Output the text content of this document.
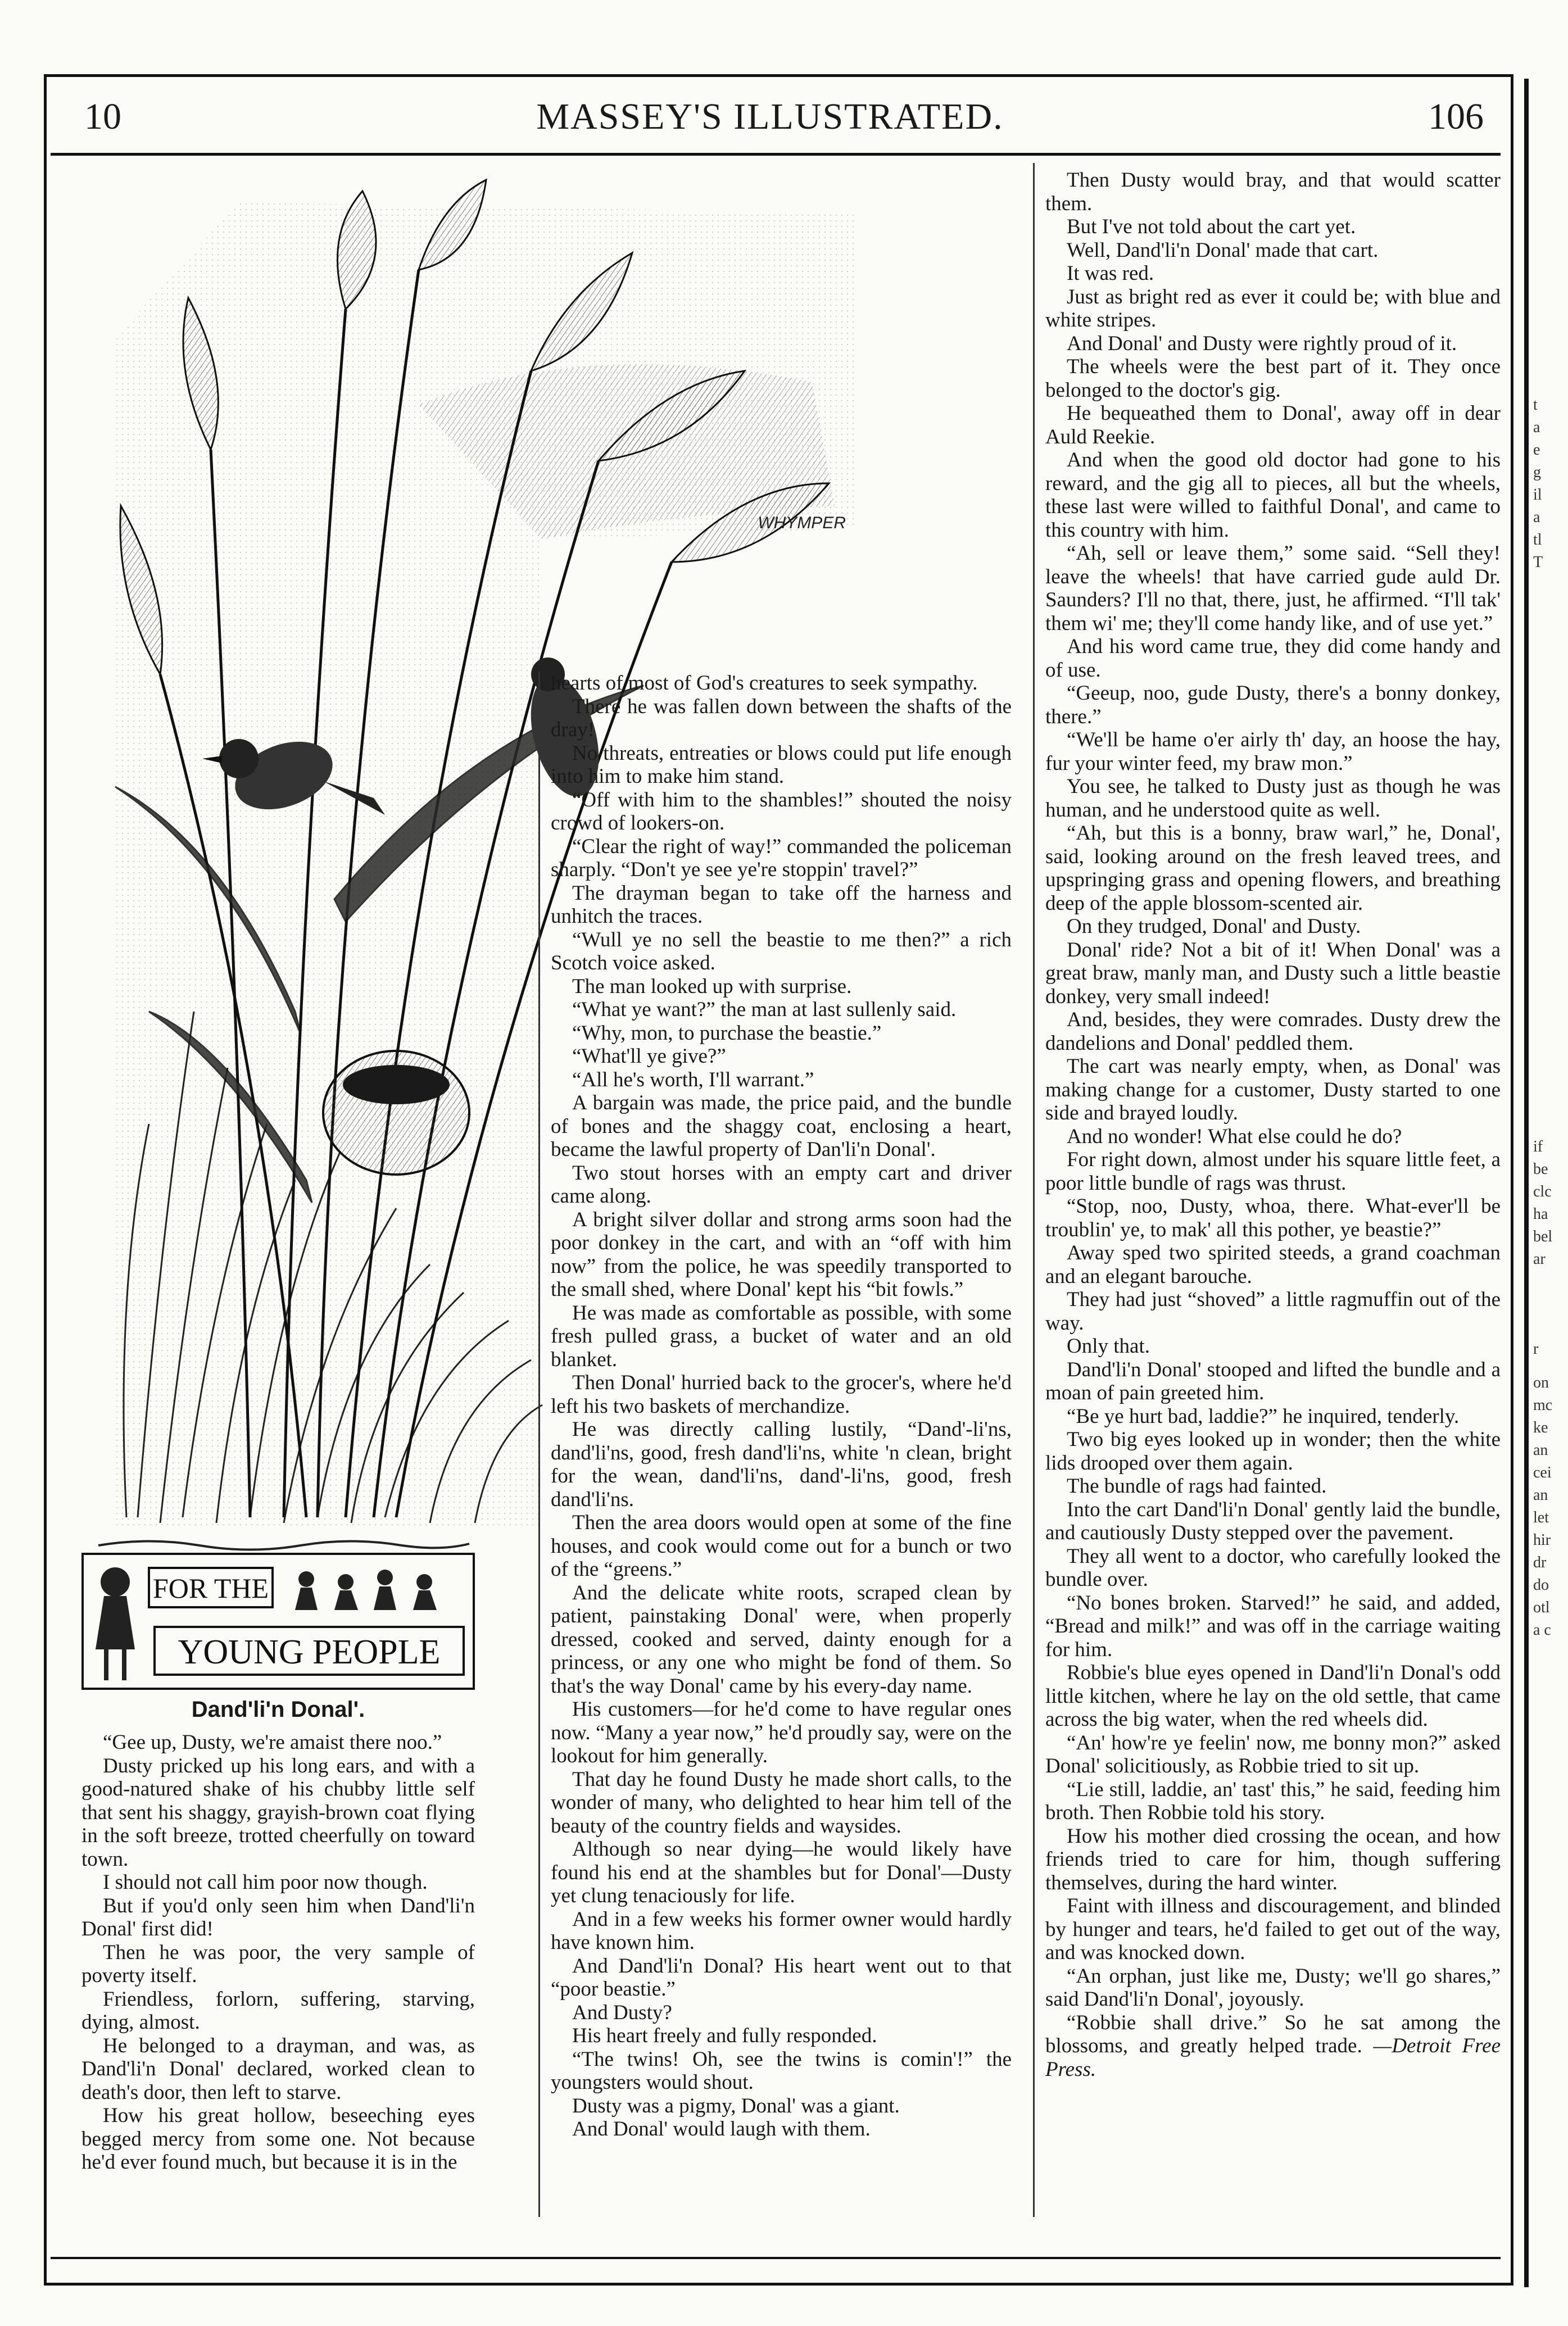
10	MASSEY'S ILLUSTRATED.	106
WHYMPER
FOR THE
YOUNG PEOPLE
Dand'li'n Donal'.

“Gee up, Dusty, we're amaist there noo.”

Dusty pricked up his long ears, and with a good-natured shake of his chubby little self that sent his shaggy, grayish-brown coat flying in the soft breeze, trotted cheerfully on toward town.

I should not call him poor now though.

But if you'd only seen him when Dand'li'n Donal' first did!

Then he was poor, the very sample of poverty itself.

Friendless, forlorn, suffering, starving, dying, almost.

He belonged to a drayman, and was, as Dand'li'n Donal' declared, worked clean to death's door, then left to starve.

How his great hollow, beseeching eyes begged mercy from some one. Not because he'd ever found much, but because it is in the

hearts of most of God's creatures to seek sympathy.

There he was fallen down between the shafts of the dray!

No threats, entreaties or blows could put life enough into him to make him stand.

“Off with him to the shambles!” shouted the noisy crowd of lookers-on.

“Clear the right of way!” commanded the policeman sharply. “Don't ye see ye're stoppin' travel?”

The drayman began to take off the harness and unhitch the traces.

“Wull ye no sell the beastie to me then?” a rich Scotch voice asked.

The man looked up with surprise.

“What ye want?” the man at last sullenly said.

“Why, mon, to purchase the beastie.”

“What'll ye give?”

“All he's worth, I'll warrant.”

A bargain was made, the price paid, and the bundle of bones and the shaggy coat, enclosing a heart, became the lawful property of Dan'li'n Donal'.

Two stout horses with an empty cart and driver came along.

A bright silver dollar and strong arms soon had the poor donkey in the cart, and with an “off with him now” from the police, he was speedily transported to the small shed, where Donal' kept his “bit fowls.”

He was made as comfortable as possible, with some fresh pulled grass, a bucket of water and an old blanket.

Then Donal' hurried back to the grocer's, where he'd left his two baskets of merchandize.

He was directly calling lustily, “Dand'-li'ns, dand'li'ns, good, fresh dand'li'ns, white 'n clean, bright for the wean, dand'li'ns, dand'-li'ns, good, fresh dand'li'ns.

Then the area doors would open at some of the fine houses, and cook would come out for a bunch or two of the “greens.”

And the delicate white roots, scraped clean by patient, painstaking Donal' were, when properly dressed, cooked and served, dainty enough for a princess, or any one who might be fond of them. So that's the way Donal' came by his every-day name.

His customers—for he'd come to have regular ones now. “Many a year now,” he'd proudly say, were on the lookout for him generally.

That day he found Dusty he made short calls, to the wonder of many, who delighted to hear him tell of the beauty of the country fields and waysides.

Although so near dying—he would likely have found his end at the shambles but for Donal'—Dusty yet clung tenaciously for life.

And in a few weeks his former owner would hardly have known him.

And Dand'li'n Donal? His heart went out to that “poor beastie.”

And Dusty?

His heart freely and fully responded.

“The twins! Oh, see the twins is comin'!” the youngsters would shout.

Dusty was a pigmy, Donal' was a giant.

And Donal' would laugh with them.

Then Dusty would bray, and that would scatter them.

But I've not told about the cart yet.

Well, Dand'li'n Donal' made that cart.

It was red.

Just as bright red as ever it could be; with blue and white stripes.

And Donal' and Dusty were rightly proud of it.

The wheels were the best part of it. They once belonged to the doctor's gig.

He bequeathed them to Donal', away off in dear Auld Reekie.

And when the good old doctor had gone to his reward, and the gig all to pieces, all but the wheels, these last were willed to faithful Donal', and came to this country with him.

“Ah, sell or leave them,” some said. “Sell they! leave the wheels! that have carried gude auld Dr. Saunders? I'll no that, there, just, he affirmed. “I'll tak' them wi' me; they'll come handy like, and of use yet.”

And his word came true, they did come handy and of use.

“Geeup, noo, gude Dusty, there's a bonny donkey, there.”

“We'll be hame o'er airly th' day, an hoose the hay, fur your winter feed, my braw mon.”

You see, he talked to Dusty just as though he was human, and he understood quite as well.

“Ah, but this is a bonny, braw warl,” he, Donal', said, looking around on the fresh leaved trees, and upspringing grass and opening flowers, and breathing deep of the apple blossom-scented air.

On they trudged, Donal' and Dusty.

Donal' ride? Not a bit of it! When Donal' was a great braw, manly man, and Dusty such a little beastie donkey, very small indeed!

And, besides, they were comrades. Dusty drew the dandelions and Donal' peddled them.

The cart was nearly empty, when, as Donal' was making change for a customer, Dusty started to one side and brayed loudly.

And no wonder! What else could he do?

For right down, almost under his square little feet, a poor little bundle of rags was thrust.

“Stop, noo, Dusty, whoa, there. What-ever'll be troublin' ye, to mak' all this pother, ye beastie?”

Away sped two spirited steeds, a grand coachman and an elegant barouche.

They had just “shoved” a little ragmuffin out of the way.

Only that.

Dand'li'n Donal' stooped and lifted the bundle and a moan of pain greeted him.

“Be ye hurt bad, laddie?” he inquired, tenderly.

Two big eyes looked up in wonder; then the white lids drooped over them again.

The bundle of rags had fainted.

Into the cart Dand'li'n Donal' gently laid the bundle, and cautiously Dusty stepped over the pavement.

They all went to a doctor, who carefully looked the bundle over.

“No bones broken. Starved!” he said, and added, “Bread and milk!” and was off in the carriage waiting for him.

Robbie's blue eyes opened in Dand'li'n Donal's odd little kitchen, where he lay on the old settle, that came across the big water, when the red wheels did.

“An' how're ye feelin' now, me bonny mon?” asked Donal' solicitiously, as Robbie tried to sit up.

“Lie still, laddie, an' tast' this,” he said, feeding him broth. Then Robbie told his story.

How his mother died crossing the ocean, and how friends tried to care for him, though suffering themselves, during the hard winter.

Faint with illness and discouragement, and blinded by hunger and tears, he'd failed to get out of the way, and was knocked down.

“An orphan, just like me, Dusty; we'll go shares,” said Dand'li'n Donal', joyously.

“Robbie shall drive.” So he sat among the blossoms, and greatly helped trade. —Detroit Free Press.

t
a
e
g
il
a
tl
T
if
be
clc
ha
bel
ar
r
on
mc
ke
an
cei
an
let
hir
dr
do
otl
a c
